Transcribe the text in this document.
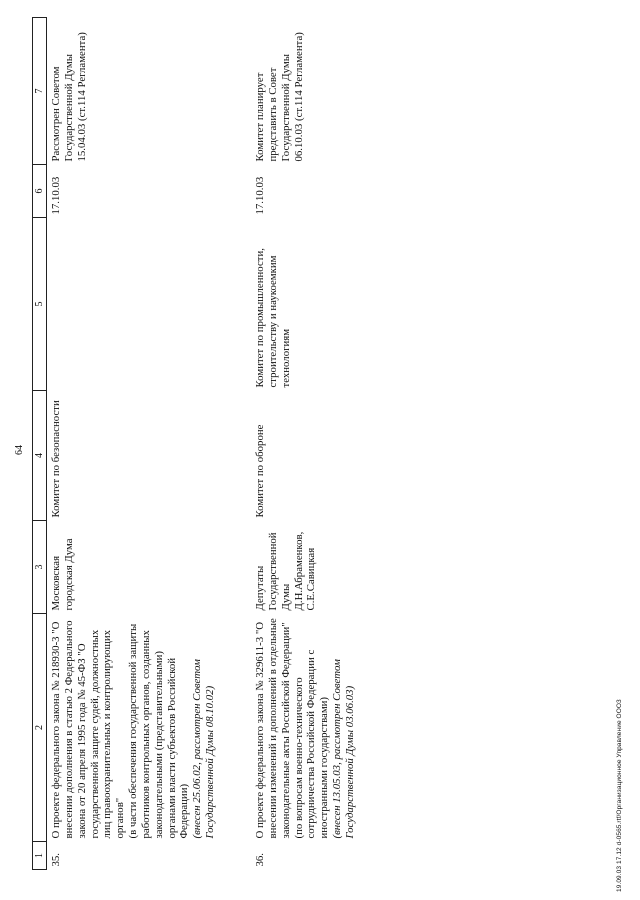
64
1	2	3	4	5	6	7
35.	О проекте федерального закона № 218930-3 "О внесении дополнения в статью 2 Федерального закона от 20 апреля 1995 года № 45-ФЗ "О государственной защите судей, должностных лиц правоохранительных и контролирующих органов" (в части обеспечения государственной защиты работников контрольных органов, созданных законодательными (представительными) органами власти субъектов Российской Федерации) (внесен 25.06.02, рассмотрен Советом Государственной Думы 08.10.02)	Московская городская Дума	Комитет по безопасности		17.10.03	Рассмотрен Советом Государственной Думы 15.04.03 (ст.114 Регламента)
36.	О проекте федерального закона № 329611-3 "О внесении изменений и дополнений в отдельные законодательные акты Российской Федерации" (по вопросам военно-технического сотрудничества Российской Федерации с иностранными государствами) (внесен 13.05.03, рассмотрен Советом Государственной Думы 03.06.03)	Депутаты Государственной Думы Д.Н.Абраменков, С.Е.Савицкая	Комитет по обороне	Комитет по промышленности, строительству и наукоемким технологиям	17.10.03	Комитет планирует представить в Совет Государственной Думы 06.10.03 (ст.114 Регламента)
19.09.03 17.12 d-0565.rtf/Организационное Управление ООО3
